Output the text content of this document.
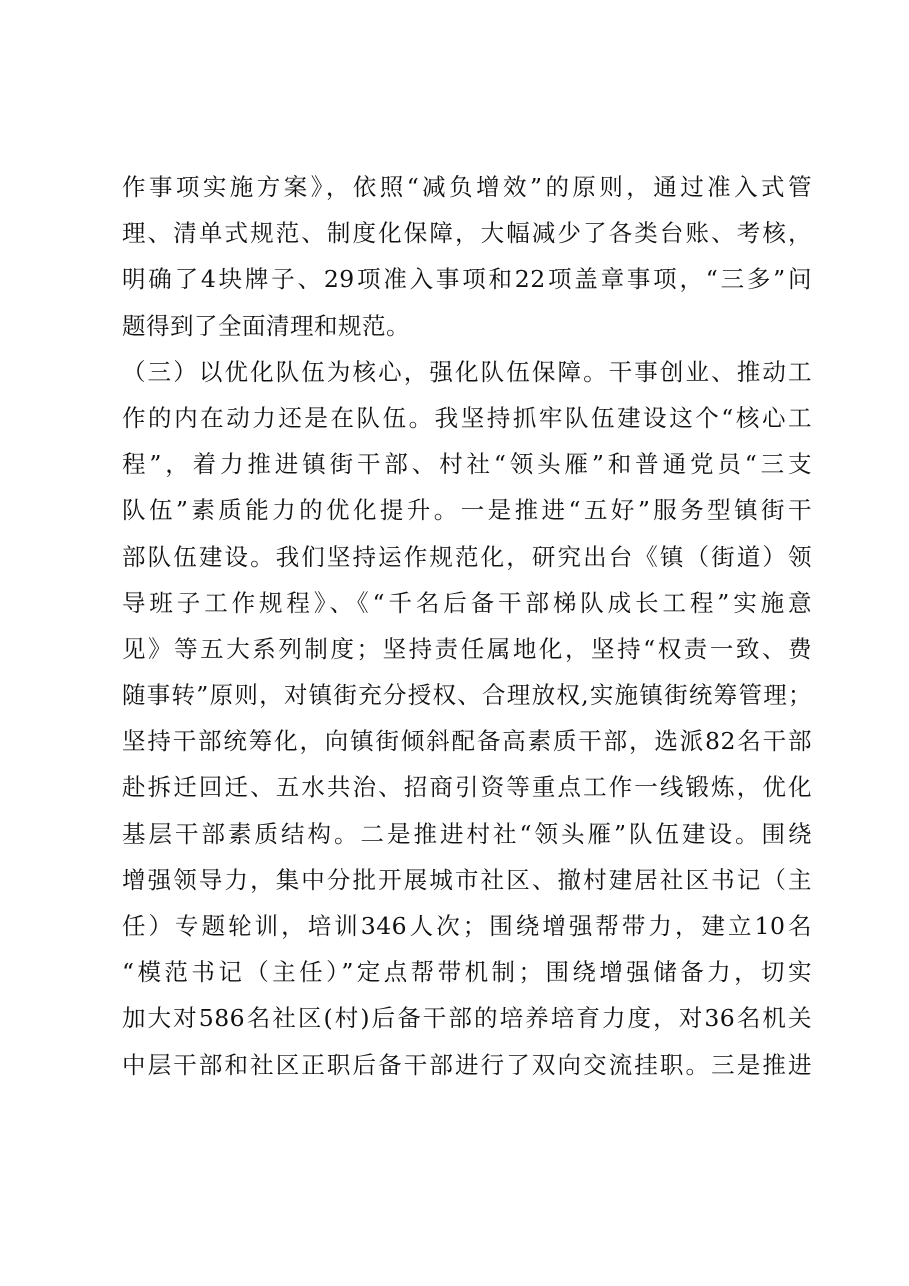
作事项实施方案》，依照“减负增效”的原则，通过准入式管
理、清单式规范、制度化保障，大幅减少了各类台账、考核，
明确了4块牌子、29项准入事项和22项盖章事项，“三多”问
题得到了全面清理和规范。
（三）以优化队伍为核心，强化队伍保障。干事创业、推动工
作的内在动力还是在队伍。我坚持抓牢队伍建设这个“核心工
程”，着力推进镇街干部、村社“领头雁”和普通党员“三支
队伍”素质能力的优化提升。一是推进“五好”服务型镇街干
部队伍建设。我们坚持运作规范化，研究出台《镇（街道）领
导班子工作规程》、《“千名后备干部梯队成长工程”实施意
见》等五大系列制度；坚持责任属地化，坚持“权责一致、费
随事转”原则，对镇街充分授权、合理放权,实施镇街统筹管理；
坚持干部统筹化，向镇街倾斜配备高素质干部，选派82名干部
赴拆迁回迁、五水共治、招商引资等重点工作一线锻炼，优化
基层干部素质结构。二是推进村社“领头雁”队伍建设。围绕
增强领导力，集中分批开展城市社区、撤村建居社区书记（主
任）专题轮训，培训346人次；围绕增强帮带力，建立10名
“模范书记（主任）”定点帮带机制；围绕增强储备力，切实
加大对586名社区(村)后备干部的培养培育力度，对36名机关
中层干部和社区正职后备干部进行了双向交流挂职。三是推进
